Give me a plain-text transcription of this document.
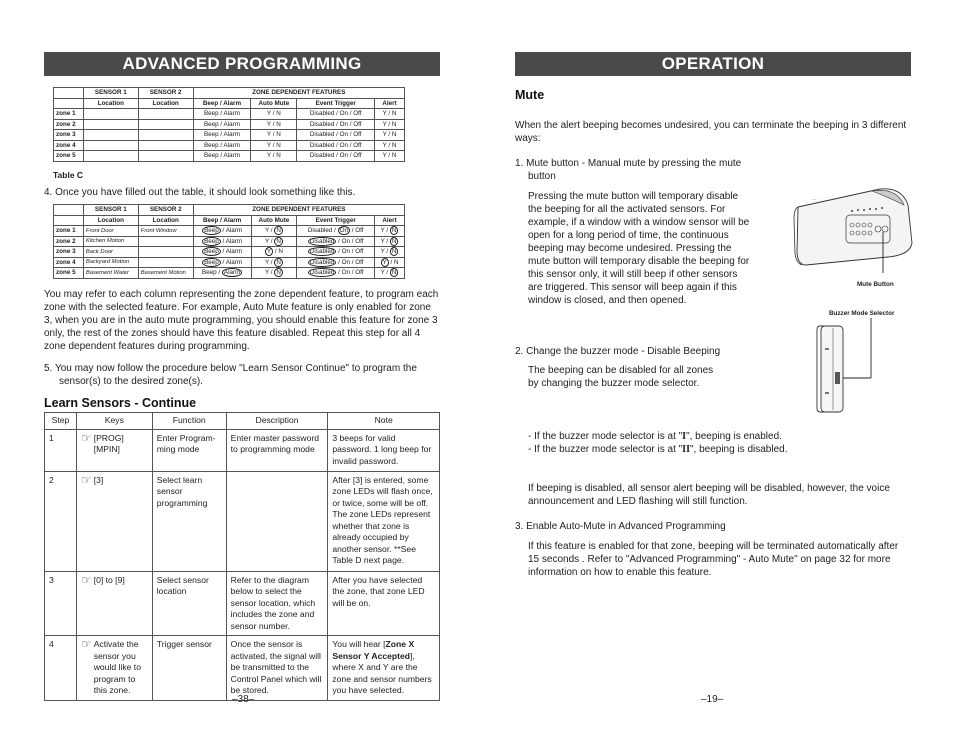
ADVANCED PROGRAMMING
	SENSOR 1	SENSOR 2	ZONE DEPENDENT FEATURES			
	Location	Location	Beep / Alarm	Auto Mute	Event Trigger	Alert
zone 1			Beep / Alarm	Y / N	Disabled / On / Off	Y / N
zone 2			Beep / Alarm	Y / N	Disabled / On / Off	Y / N
zone 3			Beep / Alarm	Y / N	Disabled / On / Off	Y / N
zone 4			Beep / Alarm	Y / N	Disabled / On / Off	Y / N
zone 5			Beep / Alarm	Y / N	Disabled / On / Off	Y / N
Table C
4. Once you have filled out the table, it should look something like this.
	SENSOR 1	SENSOR 2	ZONE DEPENDENT FEATURES			
	Location	Location	Beep / Alarm	Auto Mute	Event Trigger	Alert
zone 1	Front Door	Front Window	Beep / Alarm	Y / N	Disabled / On / Off	Y / N
zone 2	Kitchen Motion		Beep / Alarm	Y / N	Disabled / On / Off	Y / N
zone 3	Back Door		Beep / Alarm	Y / N	Disabled / On / Off	Y / N
zone 4	Backyard Motion		Beep / Alarm	Y / N	Disabled / On / Off	Y / N
zone 5	Basement Water	Basement Motion	Beep / Alarm	Y / N	Disabled / On / Off	Y / N
You may refer to each column representing the zone dependent feature, to program each zone with the selected feature. For example, Auto Mute feature is only enabled for zone 3, when you are in the auto mute programming, you should enable this feature for zone 3 only, the rest of the zones should have this feature disabled. Repeat this step for all 4 zone dependent features during programming.
5. You may now follow the procedure below "Learn Sensor Continue" to program the sensor(s) to the desired zone(s).
Learn Sensors - Continue
Step	Keys	Function	Description	Note
1	☞ [PROG] [MPIN]	Enter Program-ming mode	Enter master password to programming mode	3 beeps for valid password. 1 long beep for invalid password.
2	☞ [3]	Select learn sensor programming		After [3] is entered, some zone LEDs will flash once, or twice, some will be off. The zone LEDs represent whether that zone is already occupied by another sensor. **See Table D next page.
3	☞ [0] to [9]	Select sensor location	Refer to the diagram below to select the sensor location, which includes the zone and sensor number.	After you have selected the zone, that zone LED will be on.
4	☞ Activate the sensor you would like to program to this zone.	Trigger sensor	Once the sensor is activated, the signal will be transmitted to the Control Panel which will be stored.	You will hear [Zone X Sensor Y Accepted], where X and Y are the zone and sensor numbers you have selected.
–38–
OPERATION
Mute
When the alert beeping becomes undesired, you can terminate the beeping in 3 different ways:
1. Mute button - Manual mute by pressing the mute button
Pressing the mute button will temporary disable the beeping for all the activated sensors. For example, if a window with a window sensor will be open for a long period of time, the continuous beeping may become undesired. Pressing the mute button will temporary disable the beeping for this sensor only, it will still beep if other sensors are triggered. This sensor will beep again if this window is closed, and then opened.
~~
Mute Button
Buzzer Mode Selector
2. Change the buzzer mode - Disable Beeping
The beeping can be disabled for all zones by changing the buzzer mode selector.
- If the buzzer mode selector is at "I", beeping is enabled.
- If the buzzer mode selector is at "II", beeping is disabled.
If beeping is disabled, all sensor alert beeping will be disabled, however, the voice announcement and LED flashing will still function.
3. Enable Auto-Mute in Advanced Programming
If this feature is enabled for that zone, beeping will be terminated automatically after 15 seconds . Refer to "Advanced Programming" - Auto Mute" on page 32 for more information on how to enable this feature.
–19–
